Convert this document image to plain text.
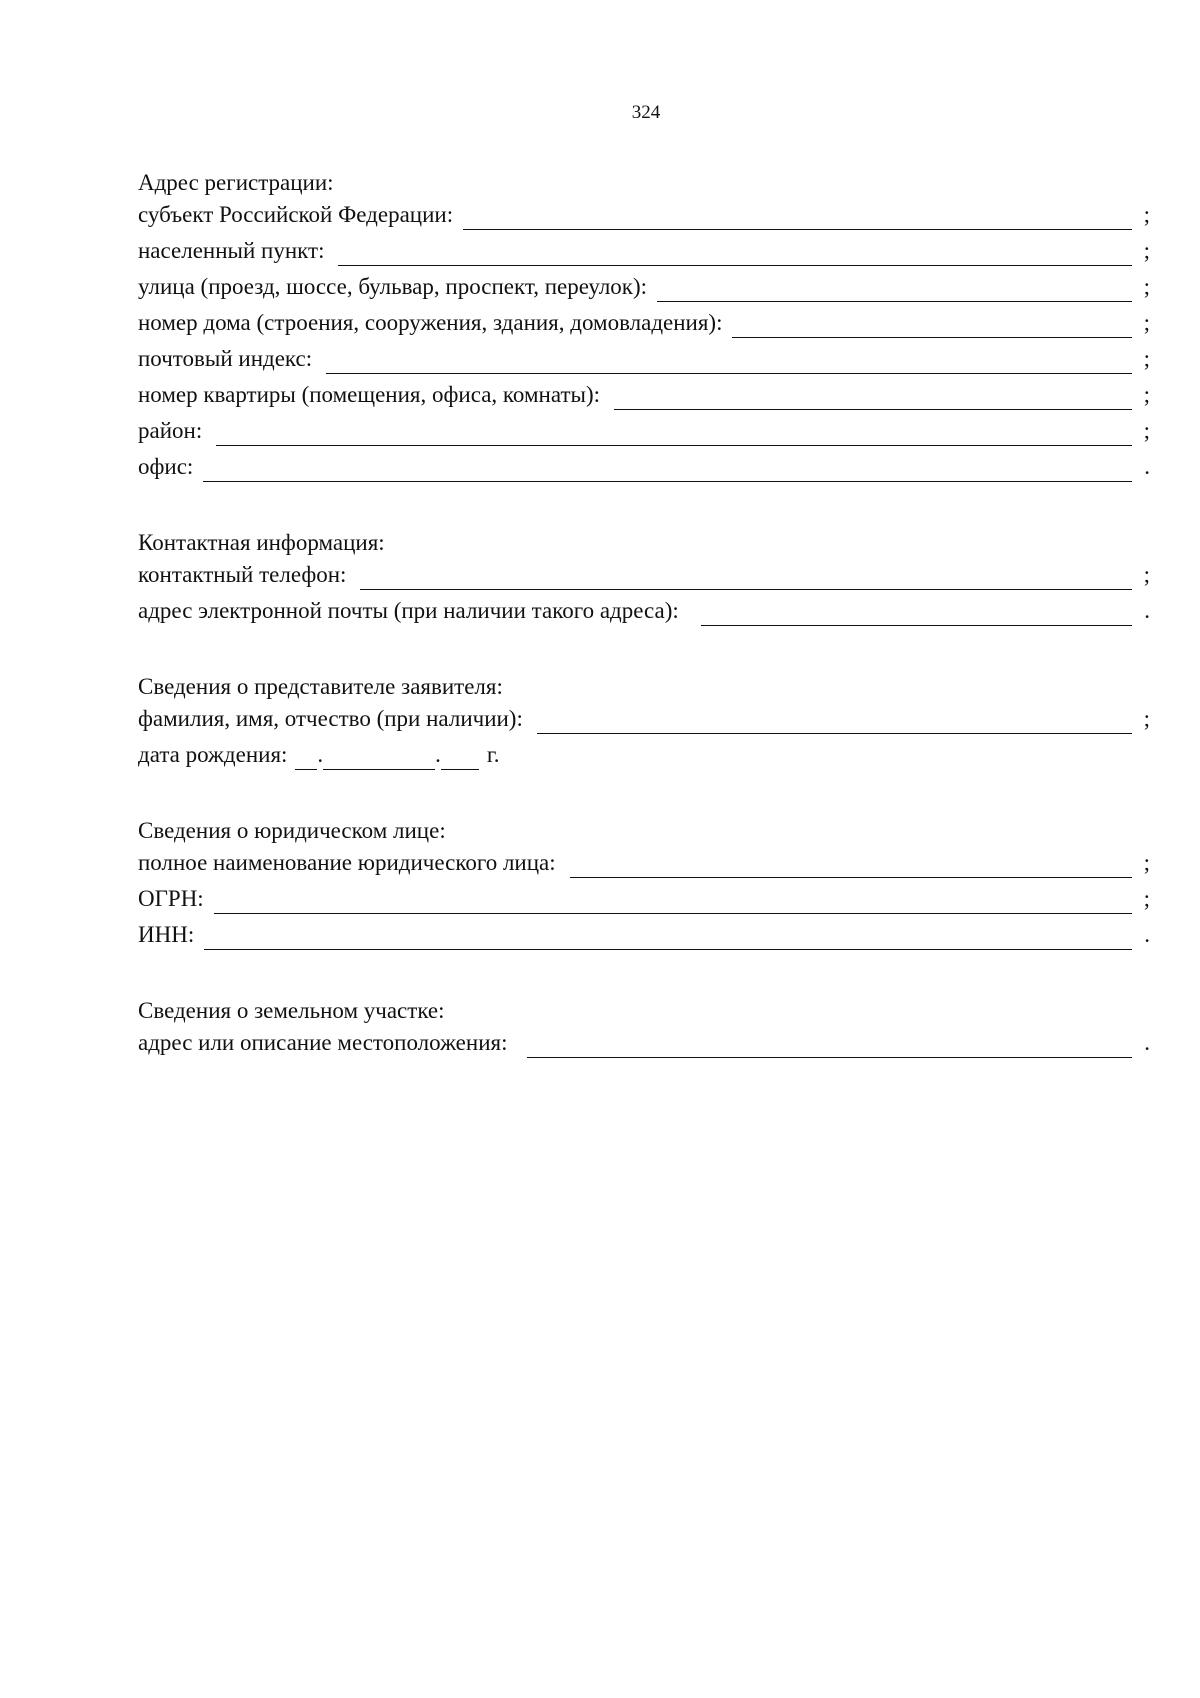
324
Адрес регистрации:
субъект Российской Федерации:	;
населенный пункт:	;
улица (проезд, шоссе, бульвар, проспект, переулок):	;
номер дома (строения, сооружения, здания, домовладения):	;
почтовый индекс:	;
номер квартиры (помещения, офиса, комнаты):	;
район:	;
офис:	.
Контактная информация:
контактный телефон:	;
адрес электронной почты (при наличии такого адреса):	.
Сведения о представителе заявителя:
фамилия, имя, отчество (при наличии):	;
дата рождения: .	. г.
Сведения о юридическом лице:
полное наименование юридического лица:	;
ОГРН:	;
ИНН:	.
Сведения о земельном участке:
адрес или описание местоположения:	.
